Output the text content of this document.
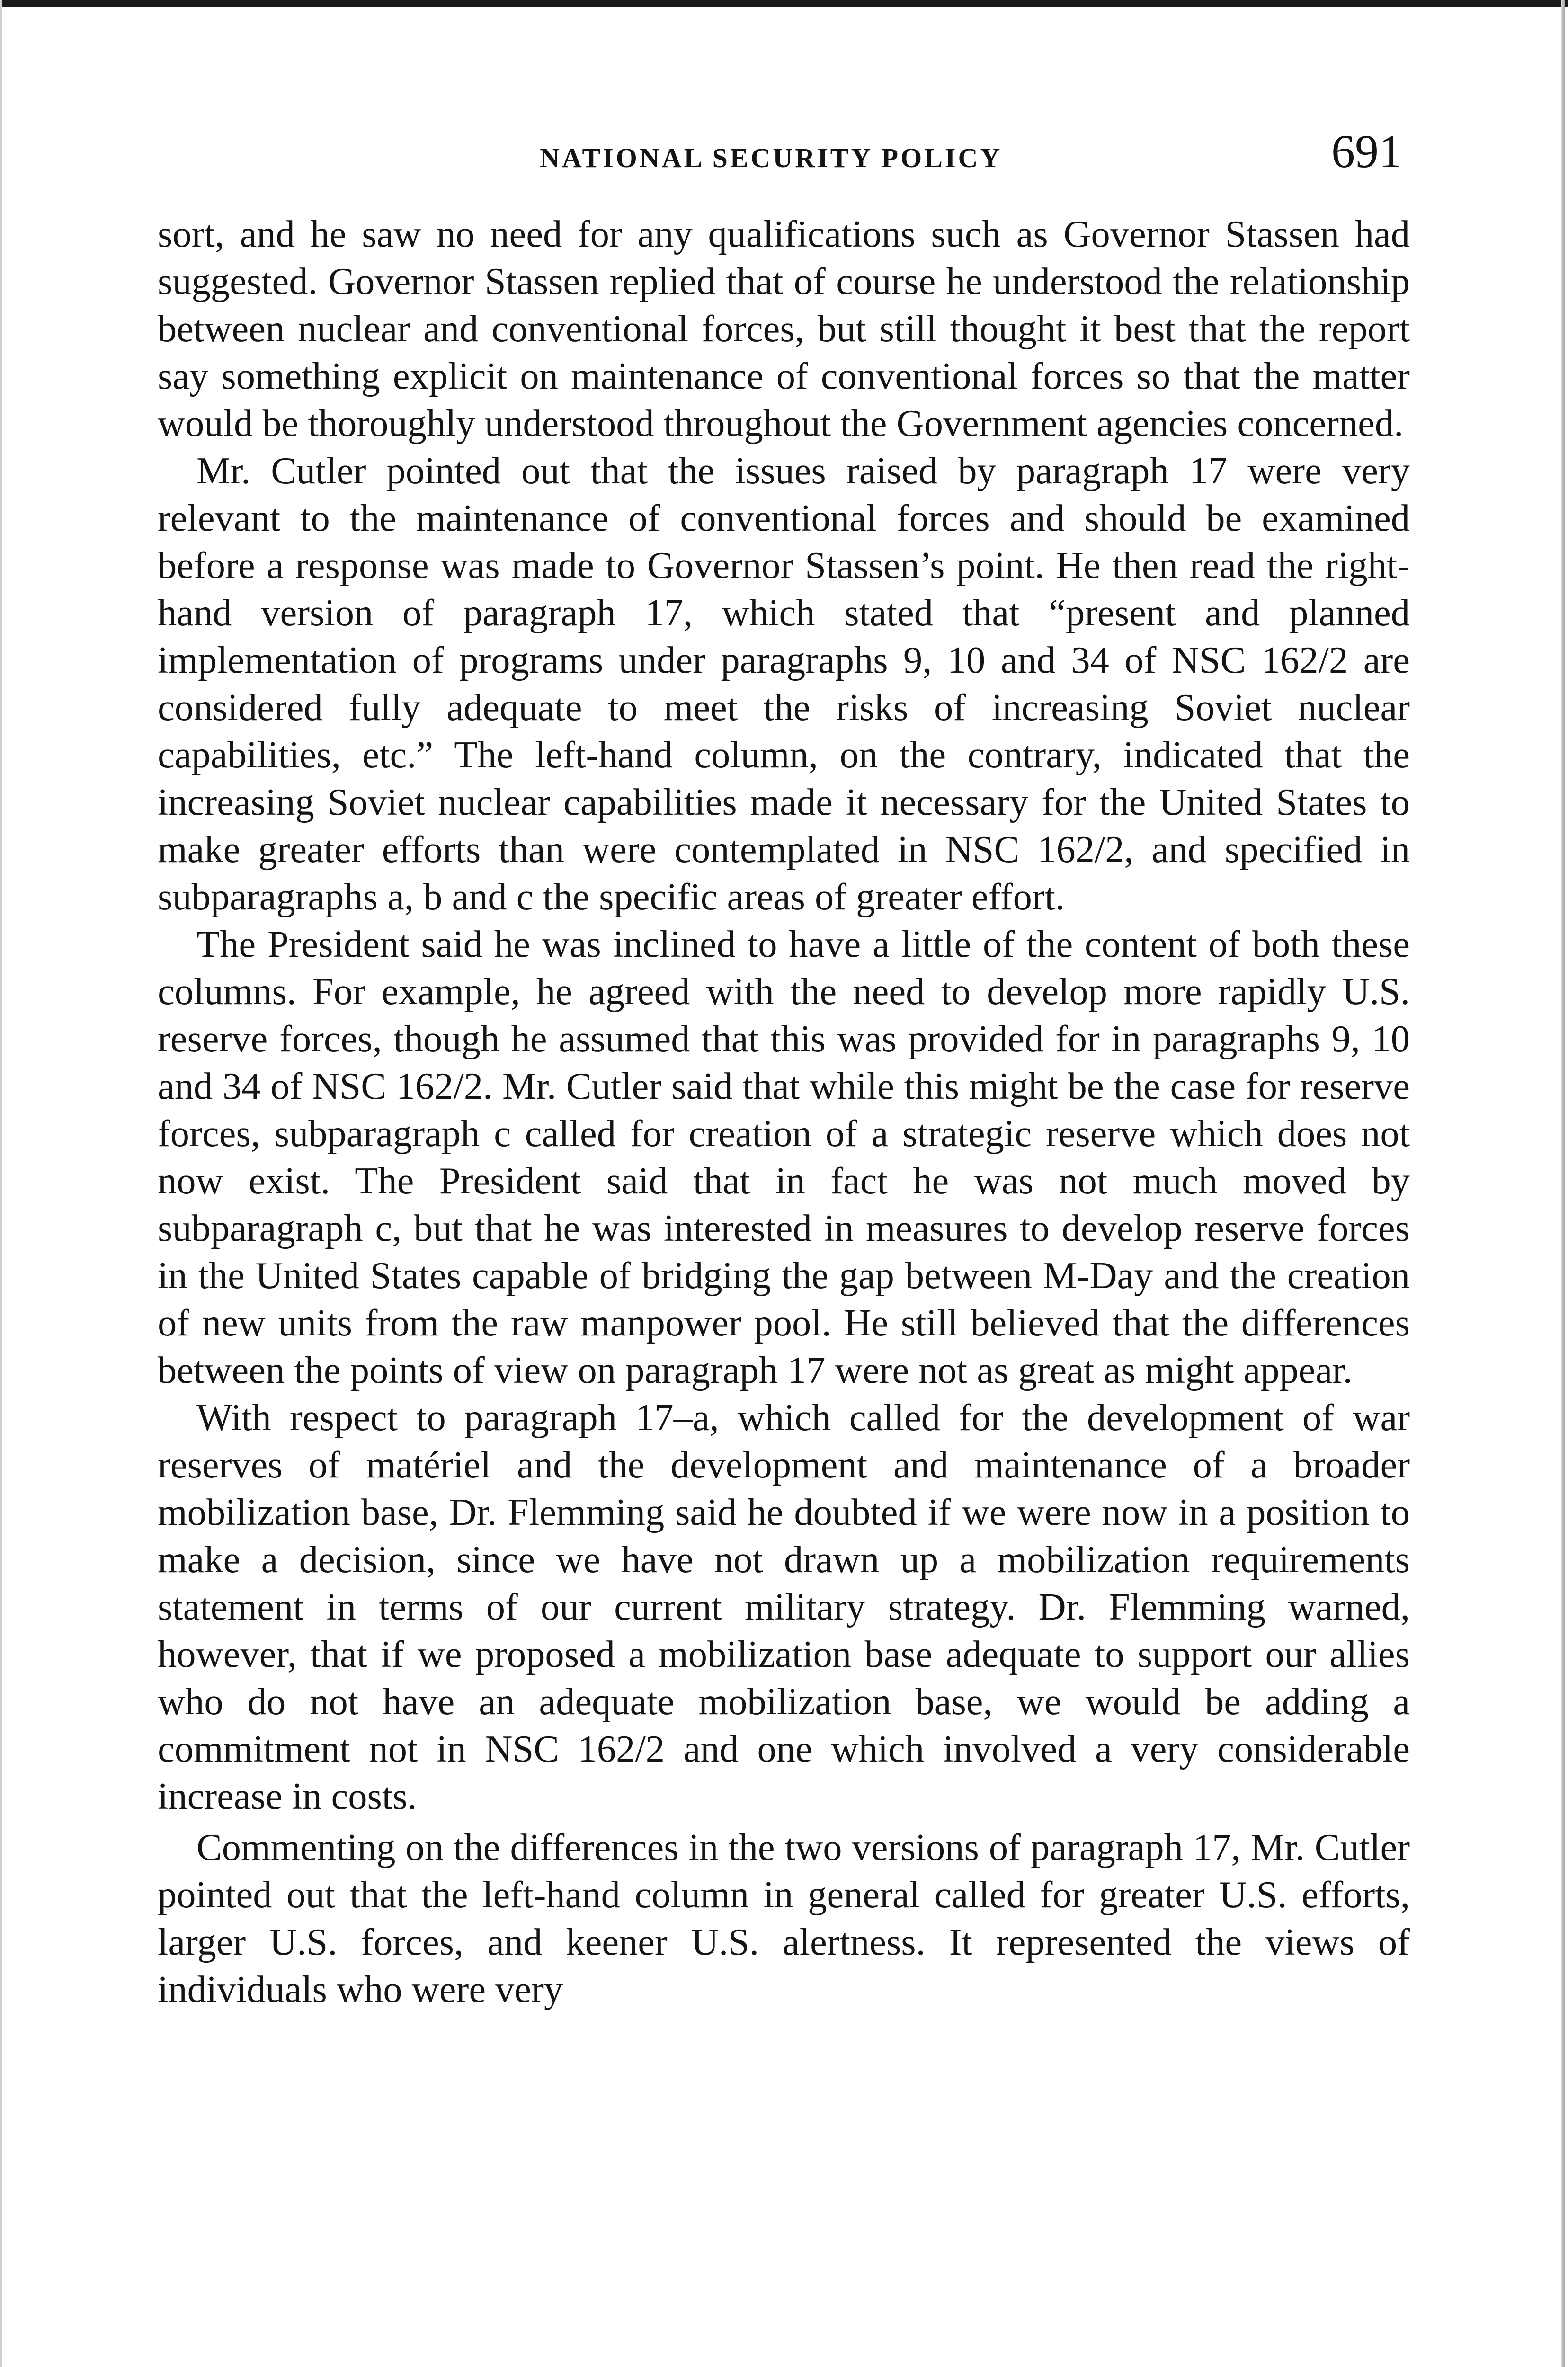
NATIONAL SECURITY POLICY	691

sort, and he saw no need for any qualifications such as Governor Stassen had suggested. Governor Stassen replied that of course he understood the relationship between nuclear and conventional forces, but still thought it best that the report say something explicit on maintenance of conventional forces so that the matter would be thoroughly understood throughout the Government agencies concerned.

Mr. Cutler pointed out that the issues raised by paragraph 17 were very relevant to the maintenance of conventional forces and should be examined before a response was made to Governor Stassen’s point. He then read the right-hand version of paragraph 17, which stated that “present and planned implementation of programs under paragraphs 9, 10 and 34 of NSC 162/2 are considered fully adequate to meet the risks of increasing Soviet nuclear capabilities, etc.” The left-hand column, on the contrary, indicated that the increasing Soviet nuclear capabilities made it necessary for the United States to make greater efforts than were contemplated in NSC 162/2, and specified in subparagraphs a, b and c the specific areas of greater effort.

The President said he was inclined to have a little of the content of both these columns. For example, he agreed with the need to develop more rapidly U.S. reserve forces, though he assumed that this was provided for in paragraphs 9, 10 and 34 of NSC 162/2. Mr. Cutler said that while this might be the case for reserve forces, subparagraph c called for creation of a strategic reserve which does not now exist. The President said that in fact he was not much moved by subparagraph c, but that he was interested in measures to develop reserve forces in the United States capable of bridging the gap between M-Day and the creation of new units from the raw manpower pool. He still believed that the differences between the points of view on paragraph 17 were not as great as might appear.

With respect to paragraph 17–a, which called for the development of war reserves of matériel and the development and maintenance of a broader mobilization base, Dr. Flemming said he doubted if we were now in a position to make a decision, since we have not drawn up a mobilization requirements statement in terms of our current military strategy. Dr. Flemming warned, however, that if we proposed a mobilization base adequate to support our allies who do not have an adequate mobilization base, we would be adding a commitment not in NSC 162/2 and one which involved a very considerable increase in costs.

Commenting on the differences in the two versions of paragraph 17, Mr. Cutler pointed out that the left-hand column in general called for greater U.S. efforts, larger U.S. forces, and keener U.S. alertness. It represented the views of individuals who were very
